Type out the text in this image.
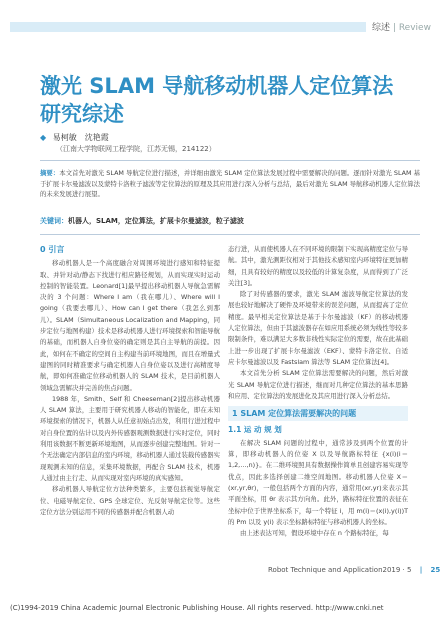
综述 | Review
激光 SLAM 导航移动机器人定位算法研究综述
◆ 易柯敏　沈艳霞
（江南大学物联网工程学院，江苏无锡，214122）
摘要：本文首先对激光 SLAM 导航定位进行描述，并详细由激光 SLAM 定位算法发展过程中需要解决的问题。逐而针对激光 SLAM 基于扩展卡尔曼滤波以及蒙特卡洛粒子滤波等定位算法的原理及其应用进行深入分析与总结，最后对激光 SLAM 导航移动机器人定位算法的未来发展进行展望。
关键词：机器人，SLAM，定位算法，扩展卡尔曼滤波，粒子滤波
0 引言

移动机器人是一个高度融合对周围环境进行感知和特征提取、并针对动/静态下找进行相应路径规划，从而实现实时运动控制的智能装置。Leonard[1]最早提出移动机器人导航急需解决的 3 个问题：Where I am（我在哪儿）、Where will I going（我要去哪儿）、How can I get there（我怎么到那儿）。SLAM（Simultaneous Localization and Mapping，同步定位与地图构建）技术是移动机器人进行环境探索和智能导航的基础，而机器人自身位姿的确定则是其自主导航的前提。因此，如何在不确定的空间自主构建当前环境地图，而且在增量式建图的同时精准要求与确定机器人自身位姿以及进行高精度导航，即如何准确定位移动机器人的 SLAM 技术，是目前机器人领域急需解决并完善的焦点问题。

1988 年，Smith、Self 和 Cheeseman[2]提出移动机器人 SLAM 算法，主要用于研究机器人移动的智能化，即在未知环境探索的情况下，机器人从任意初始点出发，利用行进过程中对自身位置的估计以及内外传感器观测数据进行实时定位，同时利用该数据不断更新环境地图，从而逐步创建完整地图。针对一个无法确定内部信息的室内环境，移动机器人通过装载传感器实现观测未知的信息，采集环境数据，再配合 SLAM 技术，机器人通过由主行走、从而实现对室内环境的真实感知。

移动机器人导航定位方法种类繁多，主要包括视觉导航定位、电磁导航定位、GPS 全球定位、光反射导航定位等。这些定位方法分别运用不同的传感器并配合机器人动

态行进，从而使机器人在不同环境的限制下实现高精度定位与导航。其中，激光测距仪相对于其他技术感知室内环境特征更加精细，且具有较好的精度以及较低的计算复杂度，从而得到了广泛关注[3]。

除了对传感器的要求，激光 SLAM 滤波导航定位算法的发展也较好地解决了硬件及环境带来的误差问题，从而提高了定位精度。最早相关定位算法是基于卡尔曼滤波（KF）的移动机器人定位算法，但由于其滤波器存在如应用系统必须为线性等较多限制条件，难以满足大多数非线性实际定位的需要，故在此基础上进一步出现了扩展卡尔曼滤波（EKF）、蒙特卡洛定位、自适应卡尔曼滤波以及 Fastslam 算法等 SLAM 定位算法[4]。

本文首先分析 SLAM 定位算法需要解决的问题，然后对激光 SLAM 导航定位进行描述，继而对几种定位算法的基本思路和应用、定位算法的发展进化及其应用进行深入分析总结。

1 SLAM 定位算法需要解决的问题
1.1 运 动 规 划

在解决 SLAM 问题的过程中，通常涉及到两个位置的计算，即移动机器人的位姿 X 以及导航路标特征 {x(i)(i＝1,2,…,n)}。在二维环境照具有数据操作简单且创建容易实现等优点，因此多选择创建二维空间地图。移动机器人位姿 X＝(xr,yr,θr)，一般包括两个方面的内容，通常用(xr,yr)来表示其平面坐标，用 θr 表示其方向角。此外，路标特征位置的表征在坐标中位于世界坐标系下，每一个特征 i，用 m(i)＝(x(i),y(i))T 的 Pm 以及 y(i) 表示坐标路标特征与移动机器人的坐标。

由上述表达可知，假设环境中存在 n 个路标特征，每

Robot Technique and Application2019 · 5 | 25
(C)1994-2019 China Academic Journal Electronic Publishing House. All rights reserved. http://www.cnki.net
